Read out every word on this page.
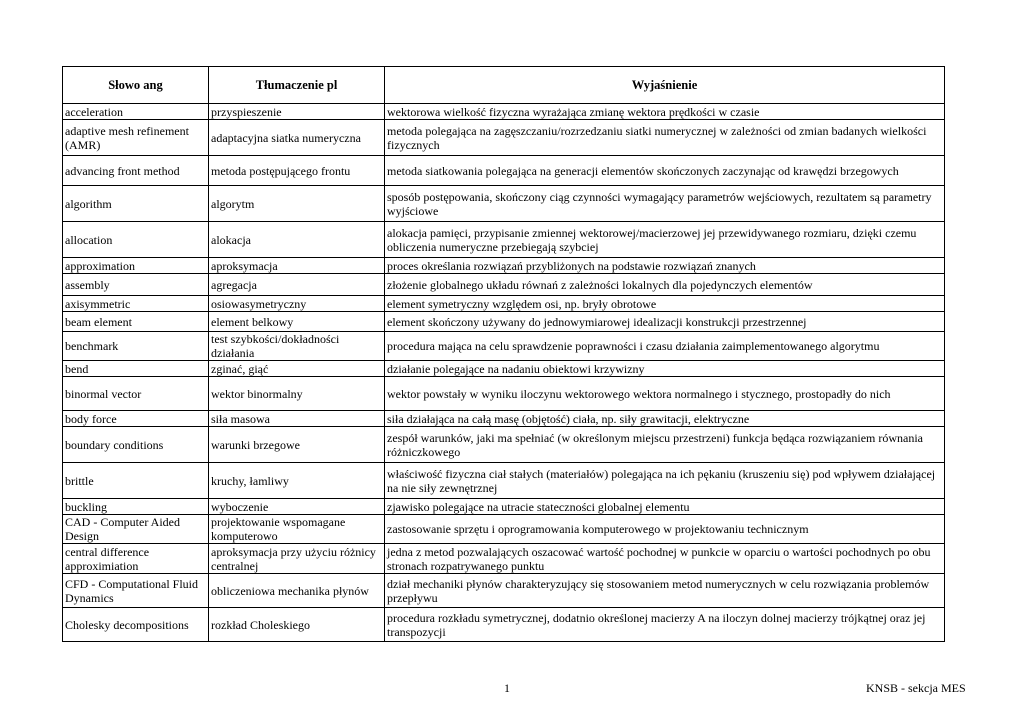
Słowo ang	Tłumaczenie pl	Wyjaśnienie
acceleration	przyspieszenie	wektorowa wielkość fizyczna wyrażająca zmianę wektora prędkości w czasie
adaptive mesh refinement (AMR)	adaptacyjna siatka numeryczna	metoda polegająca na zagęszczaniu/rozrzedzaniu siatki numerycznej w zależności od zmian badanych wielkości fizycznych
advancing front method	metoda postępującego frontu	metoda siatkowania polegająca na generacji elementów skończonych zaczynając od krawędzi brzegowych
algorithm	algorytm	sposób postępowania, skończony ciąg czynności wymagający parametrów wejściowych, rezultatem są parametry wyjściowe
allocation	alokacja	alokacja pamięci, przypisanie zmiennej wektorowej/macierzowej jej przewidywanego rozmiaru, dzięki czemu obliczenia numeryczne przebiegają szybciej
approximation	aproksymacja	proces określania rozwiązań przybliżonych na podstawie rozwiązań znanych
assembly	agregacja	złożenie globalnego układu równań z zależności lokalnych dla pojedynczych elementów
axisymmetric	osiowasymetryczny	element symetryczny względem osi, np. bryły obrotowe
beam element	element belkowy	element skończony używany do jednowymiarowej idealizacji konstrukcji przestrzennej
benchmark	test szybkości/dokładności działania	procedura mająca na celu sprawdzenie poprawności i czasu działania zaimplementowanego algorytmu
bend	zginać, giąć	działanie polegające na nadaniu obiektowi krzywizny
binormal vector	wektor binormalny	wektor powstały w wyniku iloczynu wektorowego wektora normalnego i stycznego, prostopadły do nich
body force	siła masowa	siła działająca na całą masę (objętość) ciała, np. siły grawitacji, elektryczne
boundary conditions	warunki brzegowe	zespół warunków, jaki ma spełniać (w określonym miejscu przestrzeni) funkcja będąca rozwiązaniem równania różniczkowego
brittle	kruchy, łamliwy	właściwość fizyczna ciał stałych (materiałów) polegająca na ich pękaniu (kruszeniu się) pod wpływem działającej na nie siły zewnętrznej
buckling	wyboczenie	zjawisko polegające na utracie stateczności globalnej elementu
CAD - Computer Aided Design	projektowanie wspomagane komputerowo	zastosowanie sprzętu i oprogramowania komputerowego w projektowaniu technicznym
central difference approximiation	aproksymacja przy użyciu różnicy centralnej	jedna z metod pozwalających oszacować wartość pochodnej w punkcie w oparciu o wartości pochodnych po obu stronach rozpatrywanego punktu
CFD - Computational Fluid Dynamics	obliczeniowa mechanika płynów	dział mechaniki płynów charakteryzujący się stosowaniem metod numerycznych w celu rozwiązania problemów przepływu
Cholesky decompositions	rozkład Choleskiego	procedura rozkładu symetrycznej, dodatnio określonej macierzy A na iloczyn dolnej macierzy trójkątnej oraz jej transpozycji
1	KNSB - sekcja MES
